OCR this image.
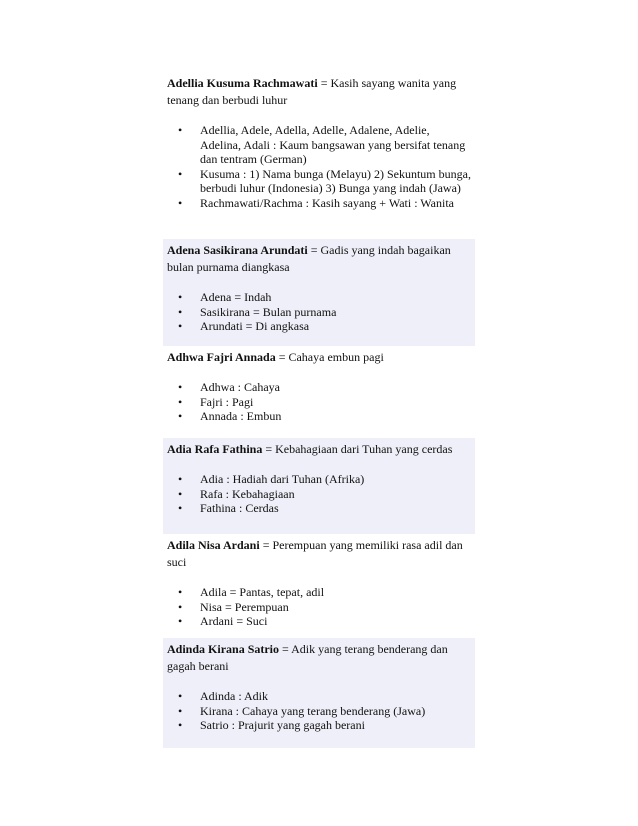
Adellia Kusuma Rachmawati = Kasih sayang wanita yang tenang dan berbudi luhur

• Adellia, Adele, Adella, Adelle, Adalene, Adelie, Adelina, Adali : Kaum bangsawan yang bersifat tenang dan tentram (German)
• Kusuma : 1) Nama bunga (Melayu) 2) Sekuntum bunga, berbudi luhur (Indonesia) 3) Bunga yang indah (Jawa)
• Rachmawati/Rachma : Kasih sayang + Wati : Wanita

Adena Sasikirana Arundati = Gadis yang indah bagaikan bulan purnama diangkasa

• Adena = Indah
• Sasikirana = Bulan purnama
• Arundati = Di angkasa

Adhwa Fajri Annada = Cahaya embun pagi

• Adhwa : Cahaya
• Fajri : Pagi
• Annada : Embun

Adia Rafa Fathina = Kebahagiaan dari Tuhan yang cerdas

• Adia : Hadiah dari Tuhan (Afrika)
• Rafa : Kebahagiaan
• Fathina : Cerdas

Adila Nisa Ardani = Perempuan yang memiliki rasa adil dan suci

• Adila = Pantas, tepat, adil
• Nisa = Perempuan
• Ardani = Suci

Adinda Kirana Satrio = Adik yang terang benderang dan gagah berani

• Adinda : Adik
• Kirana : Cahaya yang terang benderang (Jawa)
• Satrio : Prajurit yang gagah berani
